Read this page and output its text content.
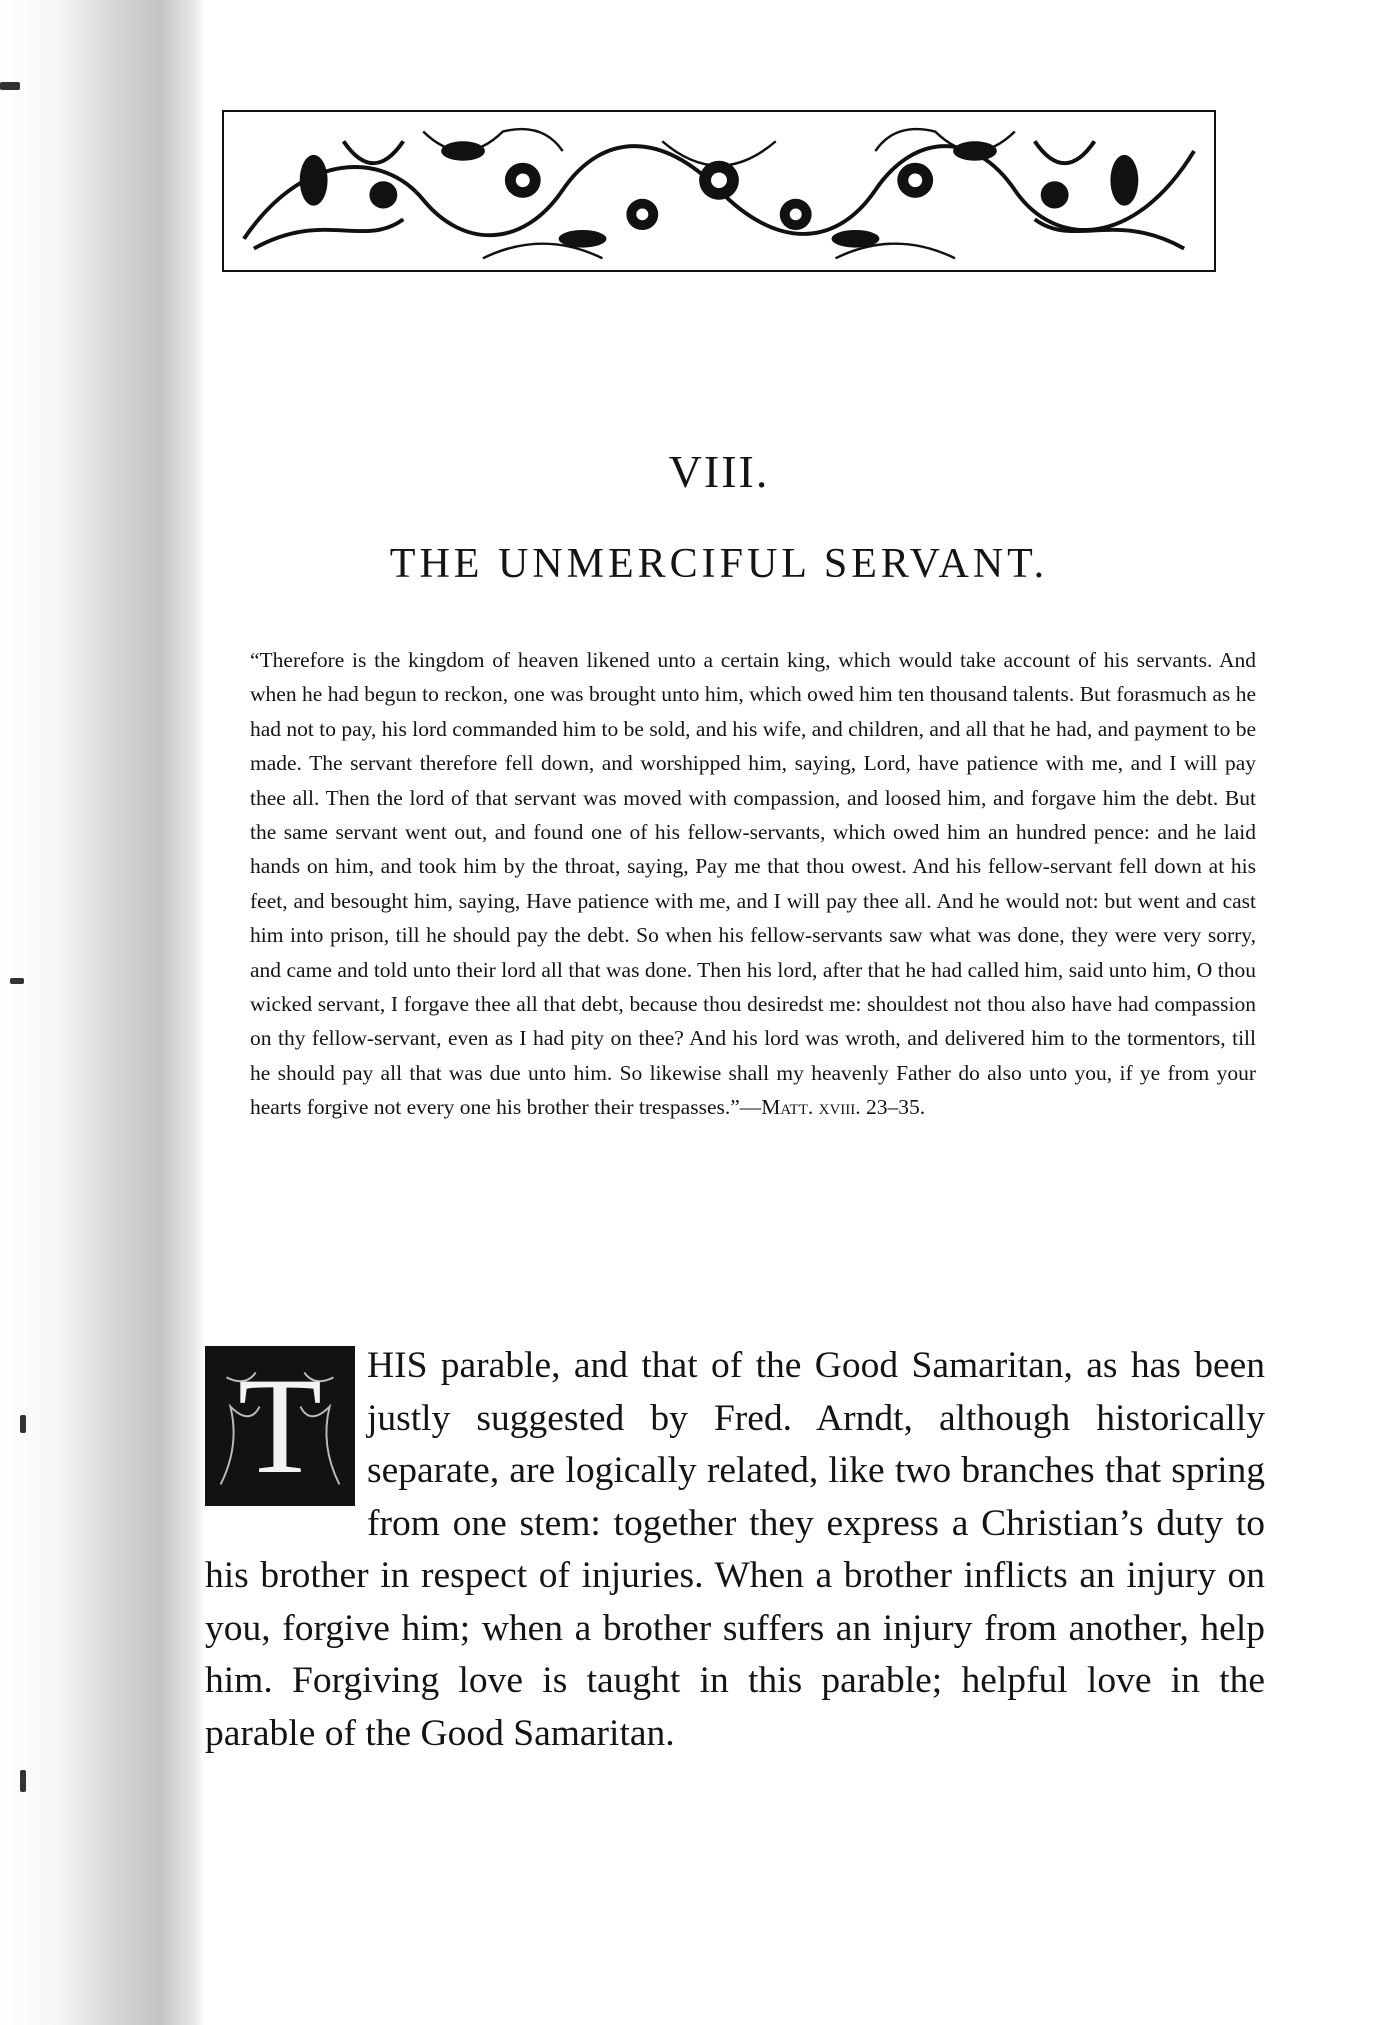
VIII.
THE UNMERCIFUL SERVANT.
“Therefore is the kingdom of heaven likened unto a certain king, which would take account of his servants. And when he had begun to reckon, one was brought unto him, which owed him ten thousand talents. But forasmuch as he had not to pay, his lord commanded him to be sold, and his wife, and children, and all that he had, and payment to be made. The servant therefore fell down, and worshipped him, saying, Lord, have patience with me, and I will pay thee all. Then the lord of that servant was moved with compassion, and loosed him, and forgave him the debt. But the same servant went out, and found one of his fellow-servants, which owed him an hundred pence: and he laid hands on him, and took him by the throat, saying, Pay me that thou owest. And his fellow-servant fell down at his feet, and besought him, saying, Have patience with me, and I will pay thee all. And he would not: but went and cast him into prison, till he should pay the debt. So when his fellow-servants saw what was done, they were very sorry, and came and told unto their lord all that was done. Then his lord, after that he had called him, said unto him, O thou wicked servant, I forgave thee all that debt, because thou desiredst me: shouldest not thou also have had compassion on thy fellow-servant, even as I had pity on thee? And his lord was wroth, and delivered him to the tormentors, till he should pay all that was due unto him. So likewise shall my heavenly Father do also unto you, if ye from your hearts forgive not every one his brother their trespasses.”—Matt. xviii. 23–35.
T	HIS parable, and that of the Good Samaritan, as has been justly suggested by Fred. Arndt, although historically separate, are logically related, like two branches that spring from one stem: together they express a Christian’s duty to his brother in respect of injuries. When a brother inflicts an injury on you, forgive him; when a brother suffers an injury from another, help him. Forgiving love is taught in this parable; helpful love in the parable of the Good Samaritan.
